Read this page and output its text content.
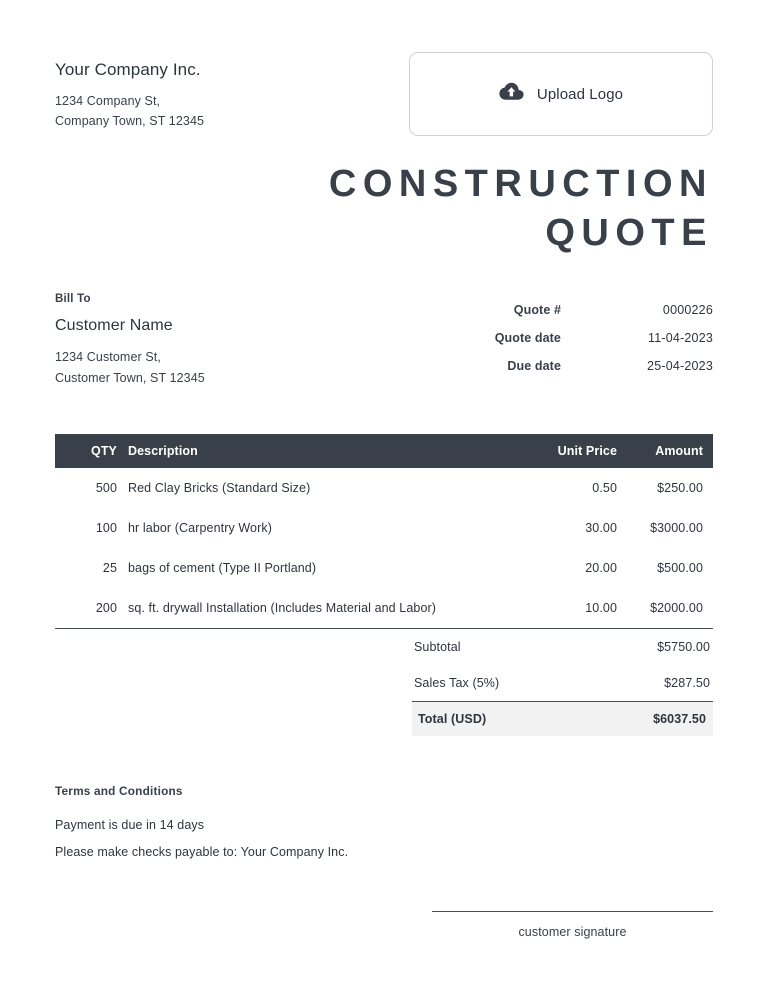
Your Company Inc.
1234 Company St,
Company Town, ST 12345
Upload Logo
CONSTRUCTION
QUOTE
Bill To
Customer Name
1234 Customer St,
Customer Town, ST 12345
Quote #	0000226
Quote date	11-04-2023
Due date	25-04-2023
QTY	Description	Unit Price	Amount
500	Red Clay Bricks (Standard Size)	0.50	$250.00
100	hr labor (Carpentry Work)	30.00	$3000.00
25	bags of cement (Type II Portland)	20.00	$500.00
200	sq. ft. drywall Installation (Includes Material and Labor)	10.00	$2000.00
Subtotal	$5750.00
Sales Tax (5%)	$287.50
Total (USD)	$6037.50
Terms and Conditions
Payment is due in 14 days
Please make checks payable to: Your Company Inc.
customer signature
